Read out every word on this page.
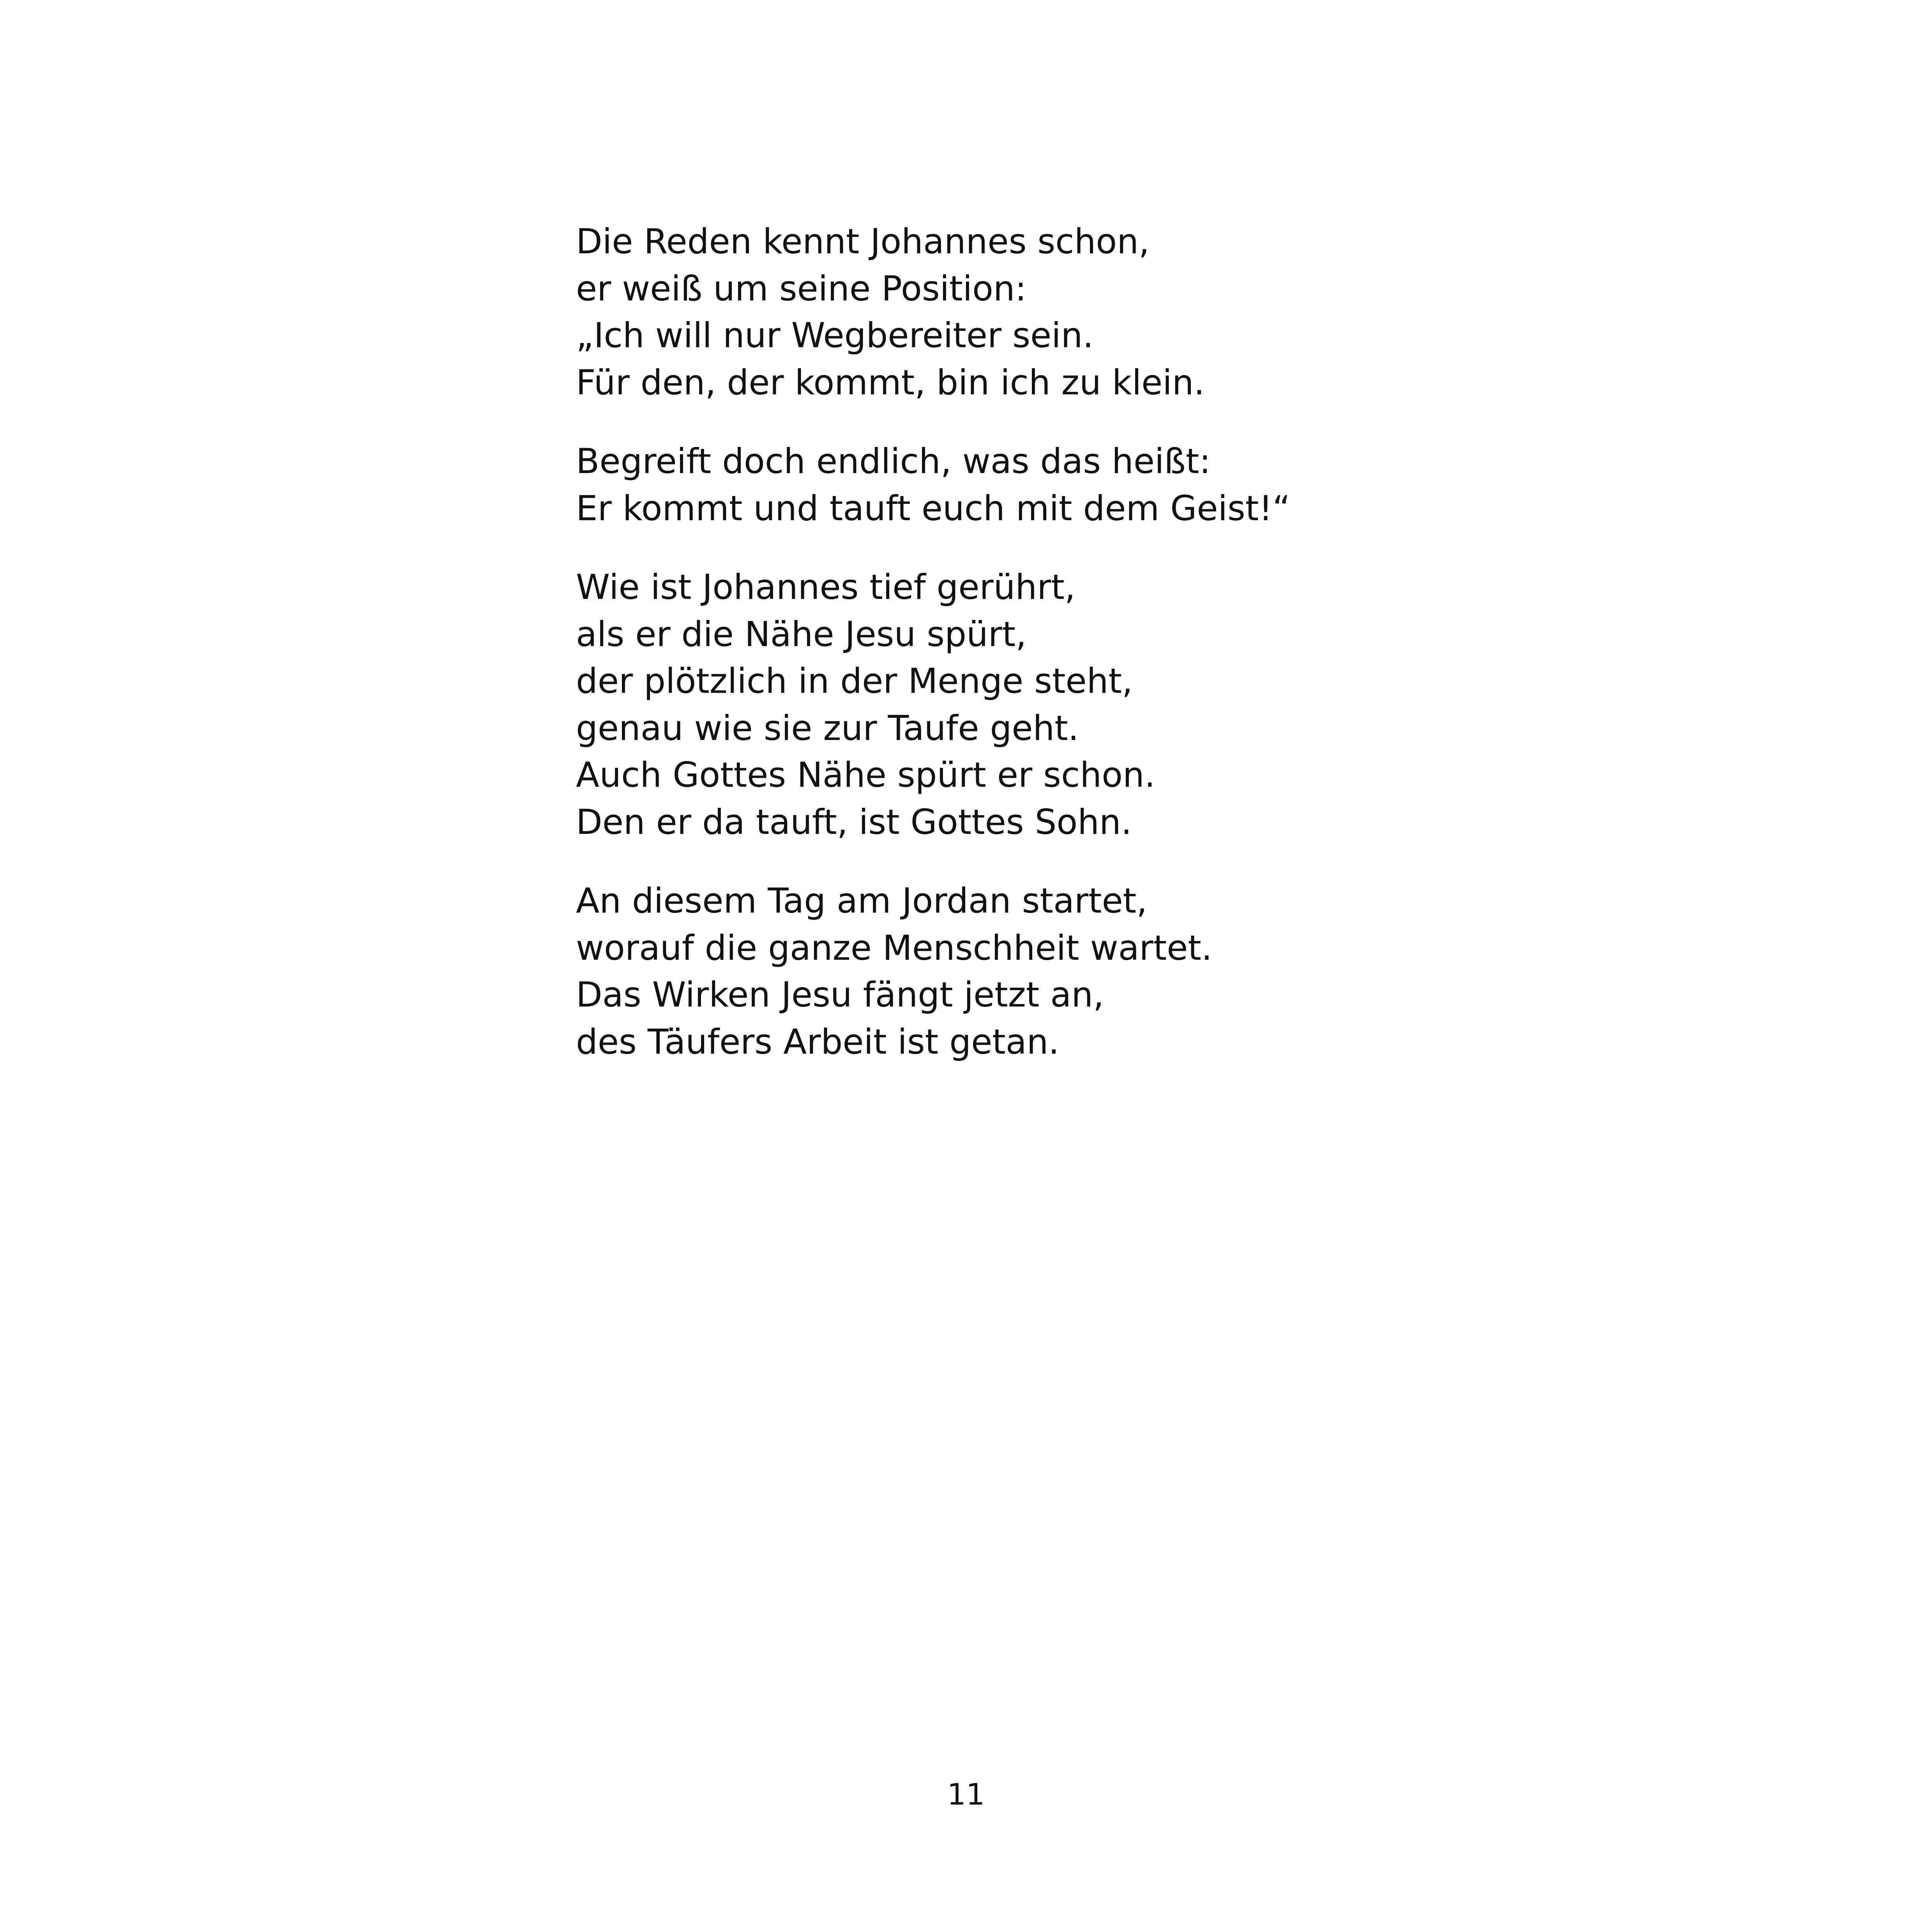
Die Reden kennt Johannes schon,
er weiß um seine Position:
„Ich will nur Wegbereiter sein.
Für den, der kommt, bin ich zu klein.
Begreift doch endlich, was das heißt:
Er kommt und tauft euch mit dem Geist!“
Wie ist Johannes tief gerührt,
als er die Nähe Jesu spürt,
der plötzlich in der Menge steht,
genau wie sie zur Taufe geht.
Auch Gottes Nähe spürt er schon.
Den er da tauft, ist Gottes Sohn.
An diesem Tag am Jordan startet,
worauf die ganze Menschheit wartet.
Das Wirken Jesu fängt jetzt an,
des Täufers Arbeit ist getan.
11
